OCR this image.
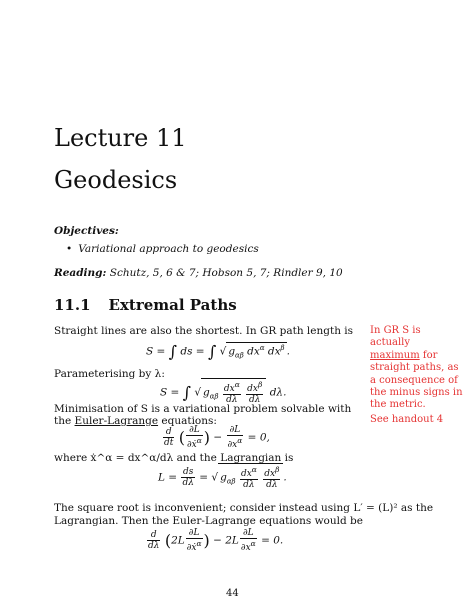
Lecture 11
Geodesics
Objectives:
• Variational approach to geodesics
Reading: Schutz, 5, 6 & 7; Hobson 5, 7; Rindler 9, 10
11.1 Extremal Paths
Straight lines are also the shortest. In GR path length is
S = ∫ ds = ∫ √ $g_{\alpha\beta}$ $dx^\alpha$ $dx^\beta$ .
Parameterising by λ:
S = ∫ √ $g_{\alpha\beta} \frac{dx^\alpha}{d\lambda}$
$\frac{dx^\beta}{d\lambda} d\lambda$.
Minimisation of S is a variational problem solvable with the Euler-Lagrange equations:
$\frac{d}{dt}$ ( $\frac{\partial L}{\partial ẋ^\alpha}$ ) − $\frac{\partial L}{\partial x^\alpha} = 0$,
where ẋ^α = dx^α/dλ and the Lagrangian is
$L = \frac{ds}{d\lambda}$ = √ $g_{\alpha\beta} \frac{dx^\alpha}{d\lambda}$
$\frac{dx^\beta}{d\lambda}$ .
The square root is inconvenient; consider instead using L′ = (L)² as the
Lagrangian. Then the Euler-Lagrange equations would be
$\frac{d}{d\lambda} (2L \frac{\partial L}{\partial ẋ^\alpha}$ ) − $2L \frac{\partial L}{\partial x^\alpha} = 0$.
In GR S is
actually
maximum for
straight paths, as
a consequence of
the minus signs in
the metric.
See handout 4
44
